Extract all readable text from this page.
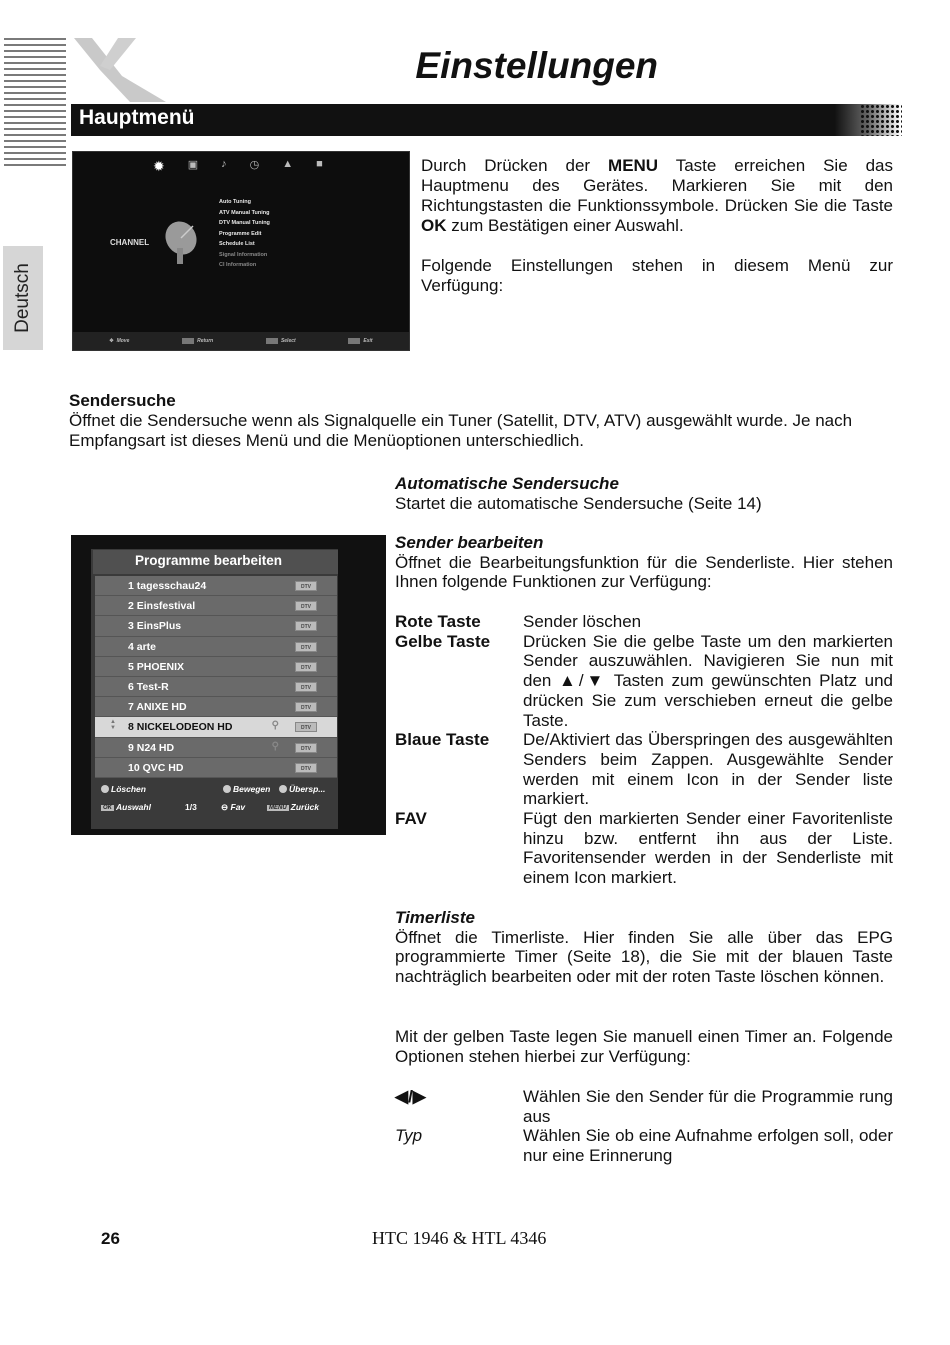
Deutsch
Einstellungen
Hauptmenü
✹ ▣ ♪ ◷ ▲ ■
CHANNEL
Auto Tuning
ATV Manual Tuning
DTV Manual Tuning
Programme Edit
Schedule List
Signal Information
CI Information
✥ Move	Return	Select	Exit

Durch Drücken der MENU Taste erreichen Sie das Hauptmenu des Gerätes. Markieren Sie mit den Richtungstasten die Funktionssymbole. Drücken Sie die Taste OK zum Bestätigen einer Auswahl.

Folgende Einstellungen stehen in diesem Menü zur Verfügung:

Sendersuche
Öffnet die Sendersuche wenn als Signalquelle ein Tuner (Satellit, DTV, ATV) ausgewählt wurde. Je nach Empfangsart ist dieses Menü und die Menüoptionen unterschiedlich.
Automatische Sendersuche
Startet die automatische Sendersuche (Seite 14)
Sender bearbeiten
Öffnet die Bearbeitungsfunktion für die Senderliste. Hier stehen Ihnen folgende Funktionen zur Verfügung:
Rote Taste	Sender löschen
Gelbe Taste	Drücken Sie die gelbe Taste um den markierten Sender auszuwählen. Navigieren Sie nun mit den ▲/▼ Tasten zum gewünschten Platz und drücken Sie zum verschieben erneut die gelbe Taste.
Blaue Taste	De/Aktiviert das Überspringen des ausgewählten Senders beim Zappen. Ausgewählte Sender werden mit einem Icon in der Sender liste markiert.
FAV	Fügt den markierten Sender einer Favoritenliste hinzu bzw. entfernt ihn aus der Liste. Favoritensender werden in der Senderliste mit einem Icon markiert.
Programme bearbeiten
1 tagesschau24	DTV
2 Einsfestival	DTV
3 EinsPlus	DTV
4 arte	DTV
5 PHOENIX	DTV
6 Test-R	DTV
7 ANIXE HD	DTV
▲
▼ 8 NICKELODEON HD	⚲	DTV
9 N24 HD	⚲	DTV
10 QVC HD	DTV
Löschen	Bewegen	Übersp...
OK Auswahl	1/3	⊖ Fav	MENU Zurück
Timerliste
Öffnet die Timerliste. Hier finden Sie alle über das EPG programmierte Timer (Seite 18), die Sie mit der blauen Taste nachträglich bearbeiten oder mit der roten Taste löschen können.
Mit der gelben Taste legen Sie manuell einen Timer an. Folgende Optionen stehen hierbei zur Verfügung:
◀/▶	Wählen Sie den Sender für die Programmie rung aus
Typ	Wählen Sie ob eine Aufnahme erfolgen soll, oder nur eine Erinnerung
26	HTC 1946 & HTL 4346
